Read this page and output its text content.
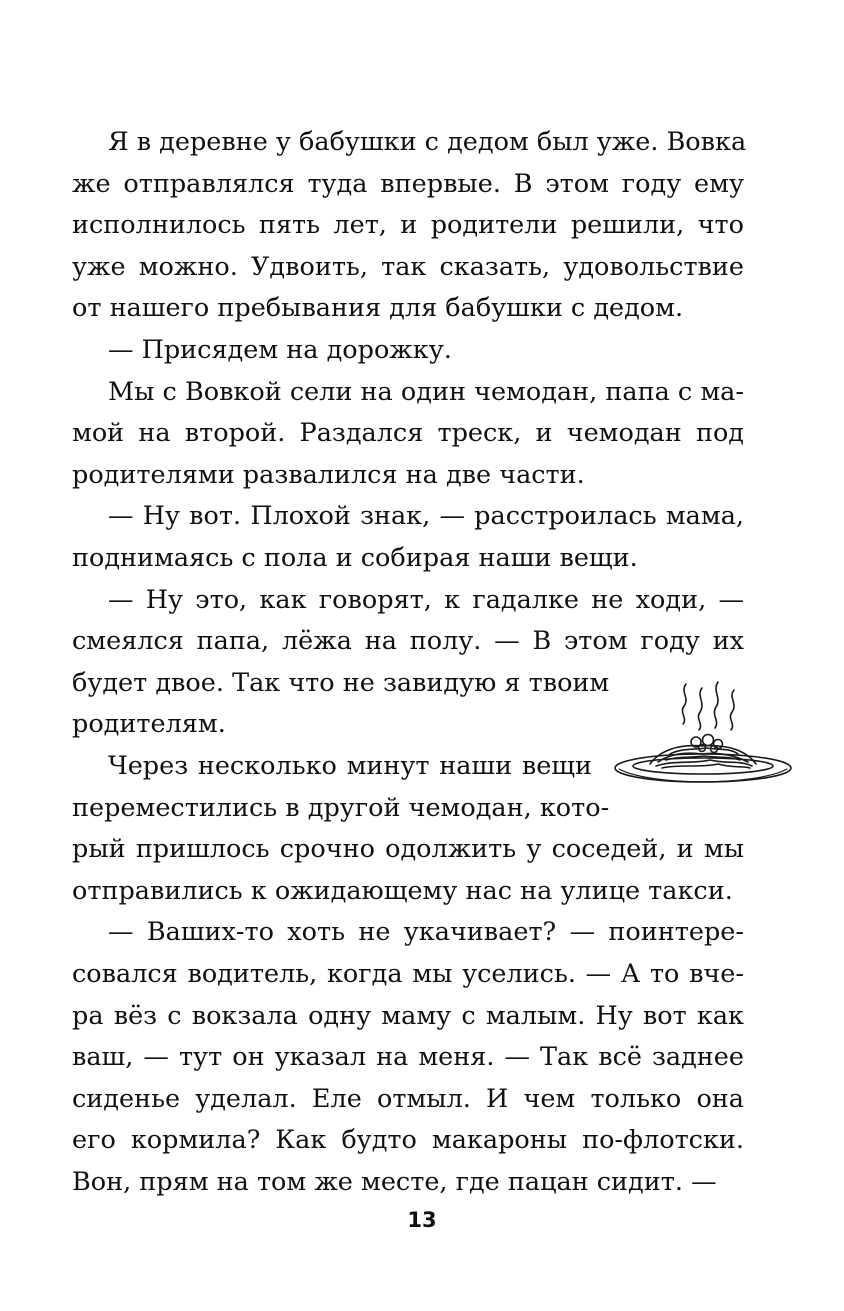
13
Я в деревне у бабушки с дедом был уже. Вовка
же отправлялся туда впервые. В этом году ему
исполнилось пять лет, и родители решили, что
уже можно. Удвоить, так сказать, удовольствие
от нашего пребывания для бабушки с дедом.
— Присядем на дорожку.
Мы с Вовкой сели на один чемодан, папа с ма-
мой на второй. Раздался треск, и чемодан под
родителями развалился на две части.
— Ну вот. Плохой знак, — расстроилась мама,
поднимаясь с пола и собирая наши вещи.
— Ну это, как говорят, к гадалке не ходи, —
смеялся папа, лёжа на полу. — В этом году их
будет двое. Так что не завидую я твоим
родителям.
Через несколько минут наши вещи
переместились в другой чемодан, кото-
рый пришлось срочно одолжить у соседей, и мы
отправились к ожидающему нас на улице такси.
— Ваших-то хоть не укачивает? — поинтере-
совался водитель, когда мы уселись. — А то вче-
ра вёз с вокзала одну маму с малым. Ну вот как
ваш, — тут он указал на меня. — Так всё заднее
сиденье уделал. Еле отмыл. И чем только она
его кормила? Как будто макароны по-флотски.
Вон, прям на том же месте, где пацан сидит. —
